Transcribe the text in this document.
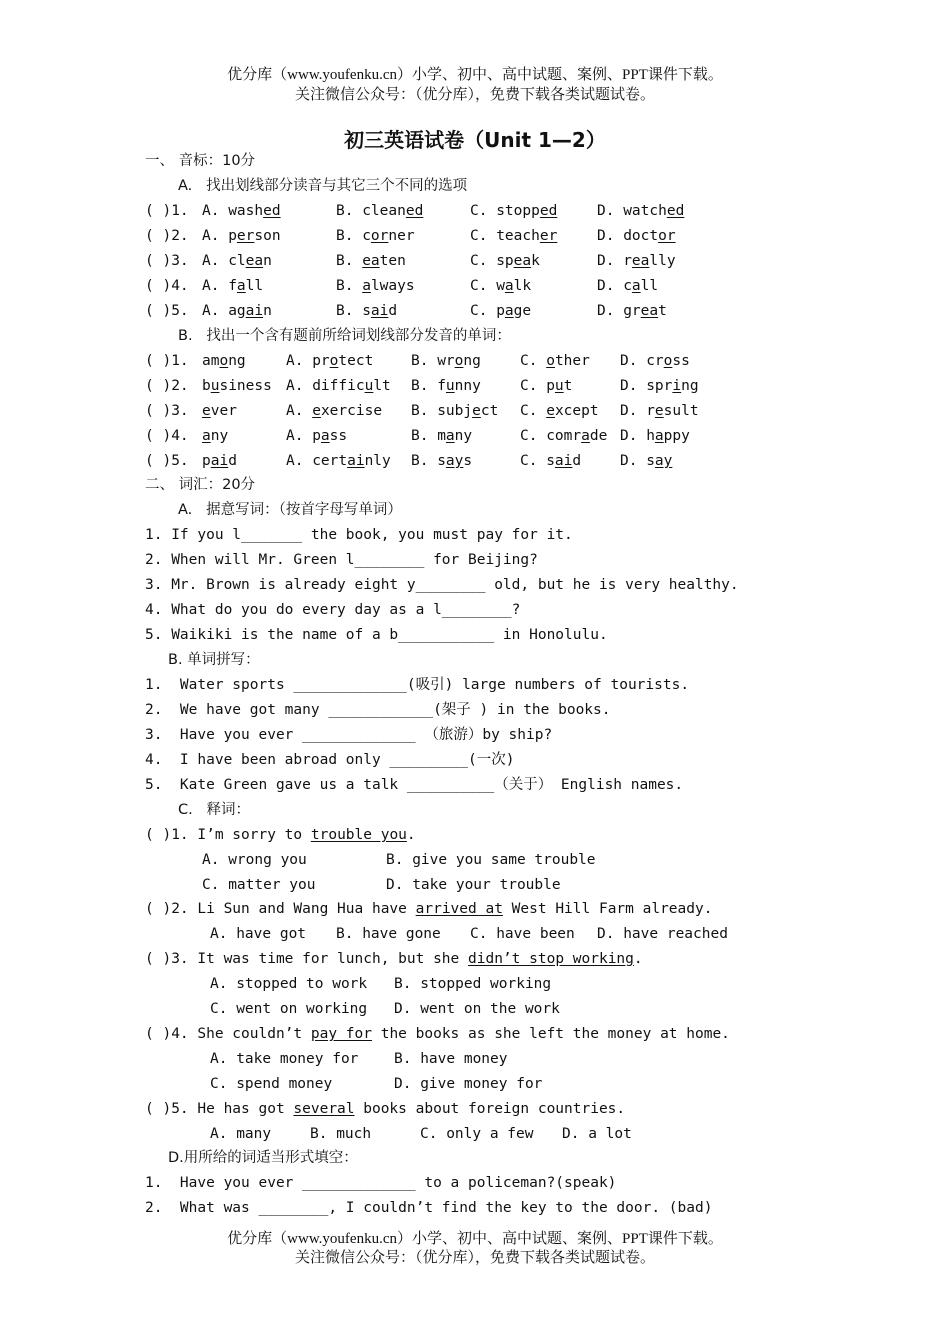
优分库（www.youfenku.cn）小学、初中、高中试题、案例、PPT课件下载。
关注微信公众号：（优分库），免费下载各类试题试卷。
初三英语试卷（Unit 1—2）
一、 音标：10分
A.   找出划线部分读音与其它三个不同的选项
( )1. A. washed	B. cleaned	C. stopped	D. watched
( )2. A. person	B. corner	C. teacher	D. doctor
( )3. A. clean	B. eaten	C. speak	D. really
( )4. A. fall	B. always	C. walk	D. call
( )5. A. again	B. said	C. page	D. great
B.   找出一个含有题前所给词划线部分发音的单词：
( )1. among	A. protect	B. wrong	C. other D. cross
( )2. business A. difficult B. funny	C. put	D. spring
( )3. ever	A. exercise B. subject C. except D. result
( )4. any	A. pass	B. many	C. comrade D. happy
( )5. paid	A. certainly B. says	C. said	D. say
二、 词汇：20分
A.   据意写词：（按首字母写单词）
1. If you l_______ the book, you must pay for it.
2. When will Mr. Green l________ for Beijing?
3. Mr. Brown is already eight y________ old, but he is very healthy.
4. What do you do every day as a l________?
5. Waikiki is the name of a b___________ in Honolulu.
B. 单词拼写：
1.  Water sports _____________(吸引) large numbers of tourists.
2.  We have got many ____________(架子 ) in the books.
3.  Have you ever _____________ （旅游）by ship?
4.  I have been abroad only _________(一次)
5.  Kate Green gave us a talk __________（关于） English names.
C.   释词：
( )1. I’m sorry to trouble you.
A. wrong you	B. give you same trouble
C. matter you	D. take your trouble
( )2. Li Sun and Wang Hua have arrived at West Hill Farm already.
A. have got B. have gone C. have been D. have reached
( )3. It was time for lunch, but she didn’t stop working.
A. stopped to work B. stopped working
C. went on working D. went on the work
( )4. She couldn’t pay for the books as she left the money at home.
A. take money for B. have money
C. spend money	D. give money for
( )5. He has got several books about foreign countries.
A. many	B. much	C. only a few D. a lot
D.用所给的词适当形式填空：
1.  Have you ever _____________ to a policeman?(speak)
2.  What was ________, I couldn’t find the key to the door. (bad)
优分库（www.youfenku.cn）小学、初中、高中试题、案例、PPT课件下载。
关注微信公众号：（优分库），免费下载各类试题试卷。
